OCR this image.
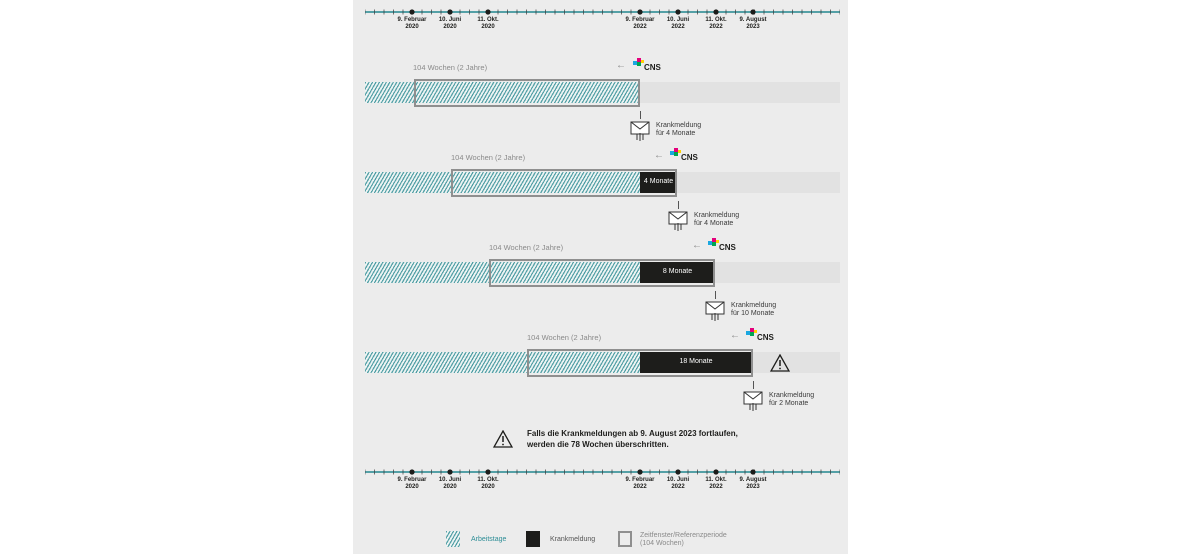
9. Februar
2020
10. Juni
2020
11. Okt.
2020
9. Februar
2022
10. Juni
2022
11. Okt.
2022
9. August
2023
104 Wochen (2 Jahre)	← CNS
Krankmeldung
für 4 Monate
104 Wochen (2 Jahre)	← CNS
4 Monate
Krankmeldung
für 4 Monate
104 Wochen (2 Jahre)	← CNS
8 Monate
Krankmeldung
für 10 Monate
104 Wochen (2 Jahre)	← CNS
18 Monate
Krankmeldung
für 2 Monate
Falls die Krankmeldungen ab 9. August 2023 fortlaufen,
werden die 78 Wochen überschritten.
9. Februar
2020
10. Juni
2020
11. Okt.
2020
9. Februar
2022
10. Juni
2022
11. Okt.
2022
9. August
2023
Arbeitstage	Krankmeldung
Zeitfenster/Referenzperiode
(104 Wochen)
